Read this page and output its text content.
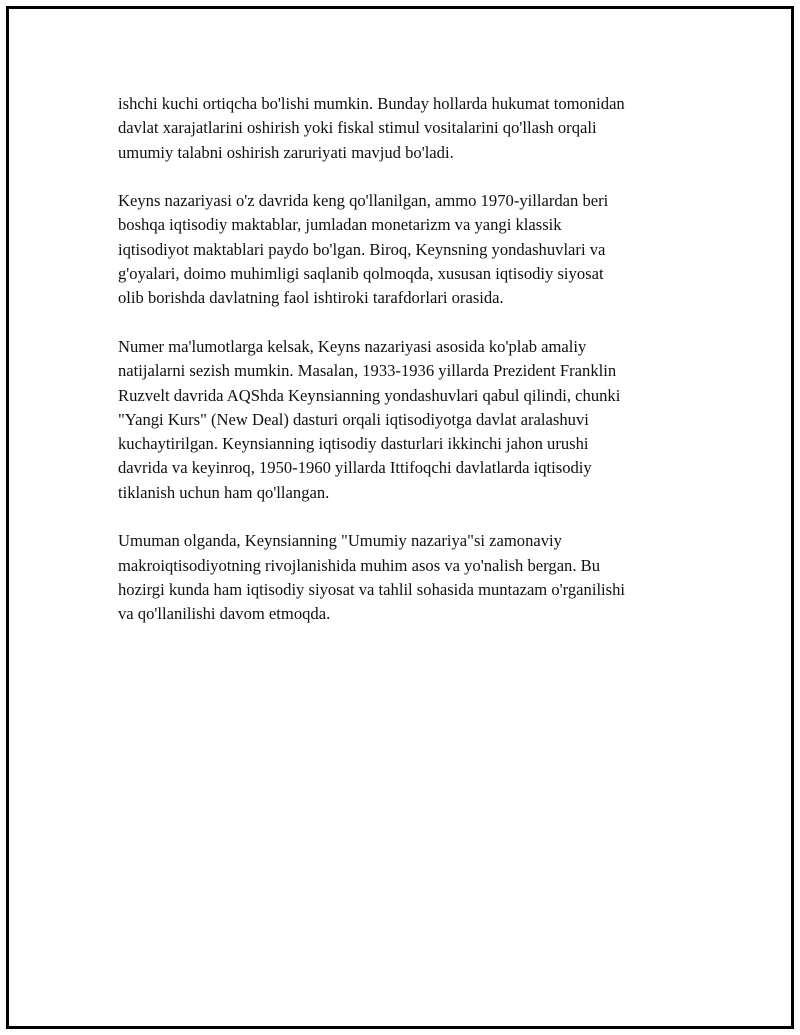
ishchi kuchi ortiqcha bo'lishi mumkin. Bunday hollarda hukumat tomonidan
davlat xarajatlarini oshirish yoki fiskal stimul vositalarini qo'llash orqali
umumiy talabni oshirish zaruriyati mavjud bo'ladi.

Keyns nazariyasi o'z davrida keng qo'llanilgan, ammo 1970-yillardan beri
boshqa iqtisodiy maktablar, jumladan monetarizm va yangi klassik
iqtisodiyot maktablari paydo bo'lgan. Biroq, Keynsning yondashuvlari va
g'oyalari, doimo muhimligi saqlanib qolmoqda, xususan iqtisodiy siyosat
olib borishda davlatning faol ishtiroki tarafdorlari orasida.

Numer ma'lumotlarga kelsak, Keyns nazariyasi asosida ko'plab amaliy
natijalarni sezish mumkin. Masalan, 1933-1936 yillarda Prezident Franklin
Ruzvelt davrida AQShda Keynsianning yondashuvlari qabul qilindi, chunki
"Yangi Kurs" (New Deal) dasturi orqali iqtisodiyotga davlat aralashuvi
kuchaytirilgan. Keynsianning iqtisodiy dasturlari ikkinchi jahon urushi
davrida va keyinroq, 1950-1960 yillarda Ittifoqchi davlatlarda iqtisodiy
tiklanish uchun ham qo'llangan.

Umuman olganda, Keynsianning "Umumiy nazariya"si zamonaviy
makroiqtisodiyotning rivojlanishida muhim asos va yo'nalish bergan. Bu
hozirgi kunda ham iqtisodiy siyosat va tahlil sohasida muntazam o'rganilishi
va qo'llanilishi davom etmoqda.
